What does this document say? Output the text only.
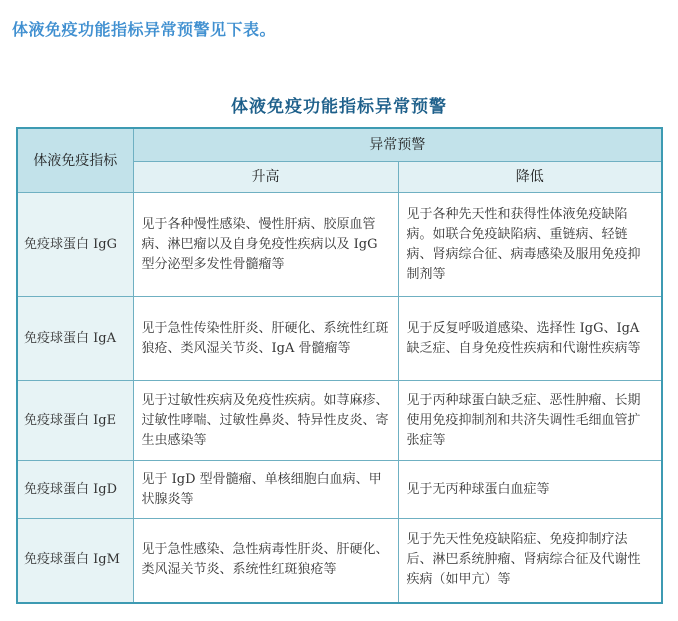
体液免疫功能指标异常预警见下表。
体液免疫功能指标异常预警
体液免疫指标	异常预警	
	升高	降低
免疫球蛋白 IgG	见于各种慢性感染、慢性肝病、胶原血管病、淋巴瘤以及自身免疫性疾病以及 IgG 型分泌型多发性骨髓瘤等	见于各种先天性和获得性体液免疫缺陷病。如联合免疫缺陷病、重链病、轻链病、肾病综合征、病毒感染及服用免疫抑制剂等
免疫球蛋白 IgA	见于急性传染性肝炎、肝硬化、系统性红斑狼疮、类风湿关节炎、IgA 骨髓瘤等	见于反复呼吸道感染、选择性 IgG、IgA 缺乏症、自身免疫性疾病和代谢性疾病等
免疫球蛋白 IgE	见于过敏性疾病及免疫性疾病。如荨麻疹、过敏性哮喘、过敏性鼻炎、特异性皮炎、寄生虫感染等	见于丙种球蛋白缺乏症、恶性肿瘤、长期使用免疫抑制剂和共济失调性毛细血管扩张症等
免疫球蛋白 IgD	见于 IgD 型骨髓瘤、单核细胞白血病、甲状腺炎等	见于无丙种球蛋白血症等
免疫球蛋白 IgM	见于急性感染、急性病毒性肝炎、肝硬化、类风湿关节炎、系统性红斑狼疮等	见于先天性免疫缺陷症、免疫抑制疗法后、淋巴系统肿瘤、肾病综合征及代谢性疾病（如甲亢）等
